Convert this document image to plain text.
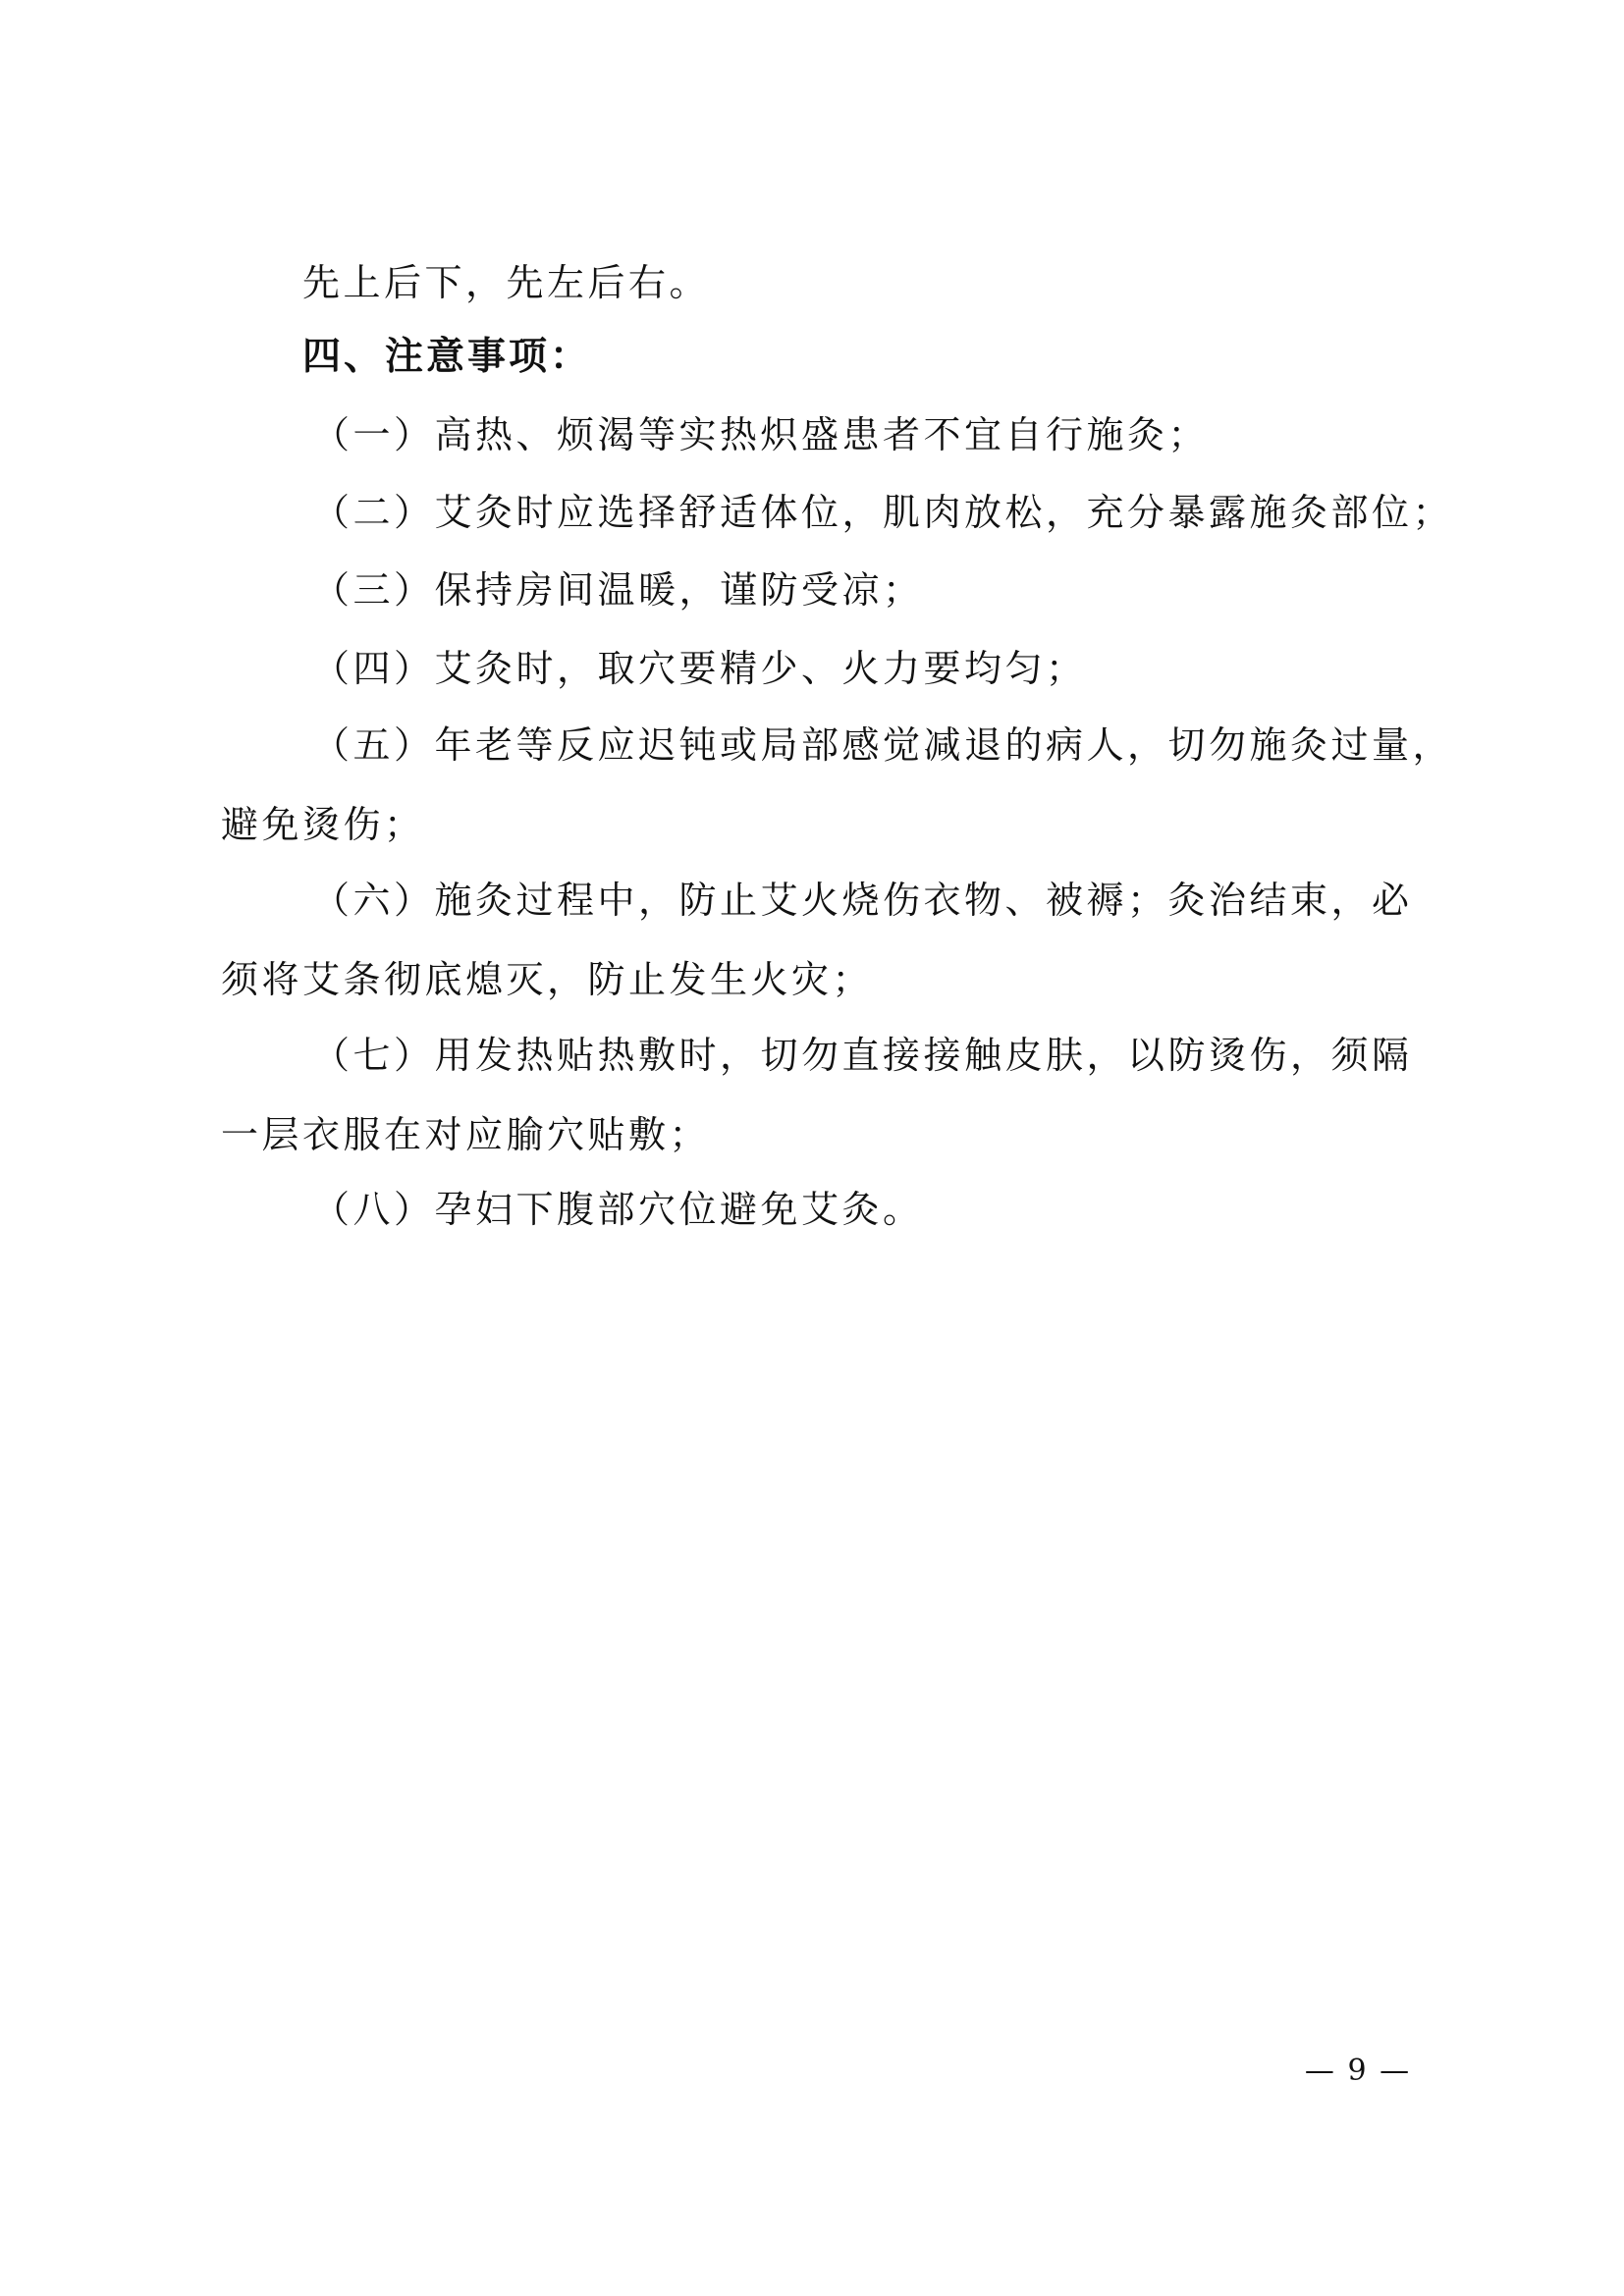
先上后下，先左后右。
四、注意事项：
（一）高热、烦渴等实热炽盛患者不宜自行施灸；
（二）艾灸时应选择舒适体位，肌肉放松，充分暴露施灸部位；
（三）保持房间温暖，谨防受凉；
（四）艾灸时，取穴要精少、火力要均匀；
（五）年老等反应迟钝或局部感觉减退的病人，切勿施灸过量，
避免烫伤；
（六）施灸过程中，防止艾火烧伤衣物、被褥；灸治结束，必
须将艾条彻底熄灭，防止发生火灾；
（七）用发热贴热敷时，切勿直接接触皮肤，以防烫伤，须隔
一层衣服在对应腧穴贴敷；
（八）孕妇下腹部穴位避免艾灸。
— 9 —
